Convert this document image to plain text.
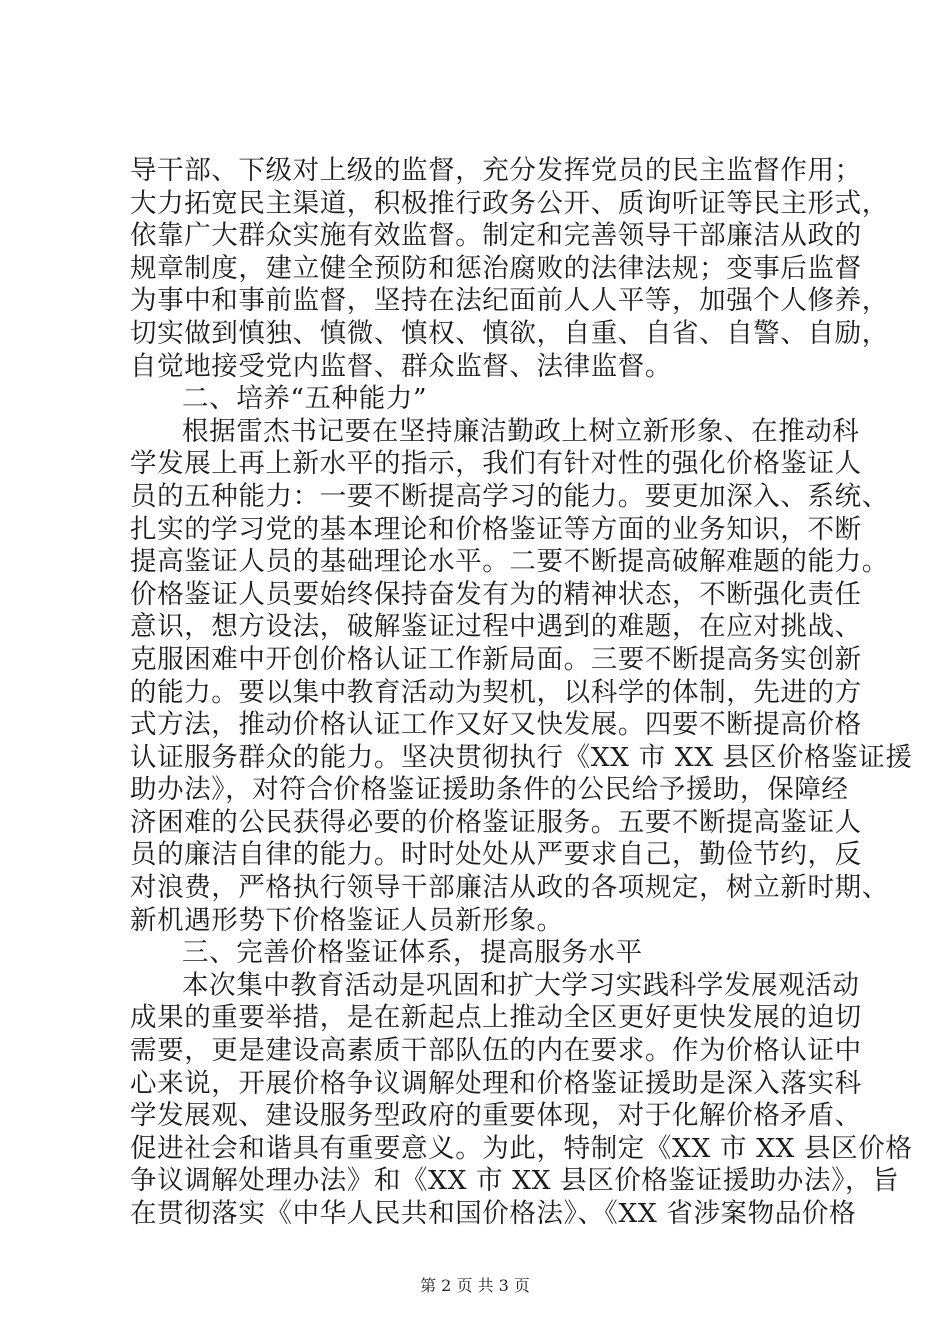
导干部、下级对上级的监督，充分发挥党员的民主监督作用；
大力拓宽民主渠道，积极推行政务公开、质询听证等民主形式，
依靠广大群众实施有效监督。制定和完善领导干部廉洁从政的
规章制度，建立健全预防和惩治腐败的法律法规；变事后监督
为事中和事前监督，坚持在法纪面前人人平等，加强个人修养，
切实做到慎独、慎微、慎权、慎欲，自重、自省、自警、自励，
自觉地接受党内监督、群众监督、法律监督。
二、培养“五种能力”
根据雷杰书记要在坚持廉洁勤政上树立新形象、在推动科
学发展上再上新水平的指示，我们有针对性的强化价格鉴证人
员的五种能力：一要不断提高学习的能力。要更加深入、系统、
扎实的学习党的基本理论和价格鉴证等方面的业务知识，不断
提高鉴证人员的基础理论水平。二要不断提高破解难题的能力。
价格鉴证人员要始终保持奋发有为的精神状态，不断强化责任
意识，想方设法，破解鉴证过程中遇到的难题，在应对挑战、
克服困难中开创价格认证工作新局面。三要不断提高务实创新
的能力。要以集中教育活动为契机，以科学的体制，先进的方
式方法，推动价格认证工作又好又快发展。四要不断提高价格
认证服务群众的能力。坚决贯彻执行《XX 市 XX 县区价格鉴证援
助办法》，对符合价格鉴证援助条件的公民给予援助，保障经
济困难的公民获得必要的价格鉴证服务。五要不断提高鉴证人
员的廉洁自律的能力。时时处处从严要求自己，勤俭节约，反
对浪费，严格执行领导干部廉洁从政的各项规定，树立新时期、
新机遇形势下价格鉴证人员新形象。
三、完善价格鉴证体系，提高服务水平
本次集中教育活动是巩固和扩大学习实践科学发展观活动
成果的重要举措，是在新起点上推动全区更好更快发展的迫切
需要，更是建设高素质干部队伍的内在要求。作为价格认证中
心来说，开展价格争议调解处理和价格鉴证援助是深入落实科
学发展观、建设服务型政府的重要体现，对于化解价格矛盾、
促进社会和谐具有重要意义。为此，特制定《XX 市 XX 县区价格
争议调解处理办法》和《XX 市 XX 县区价格鉴证援助办法》，旨
在贯彻落实《中华人民共和国价格法》、《XX 省涉案物品价格
第 2 页 共 3 页
